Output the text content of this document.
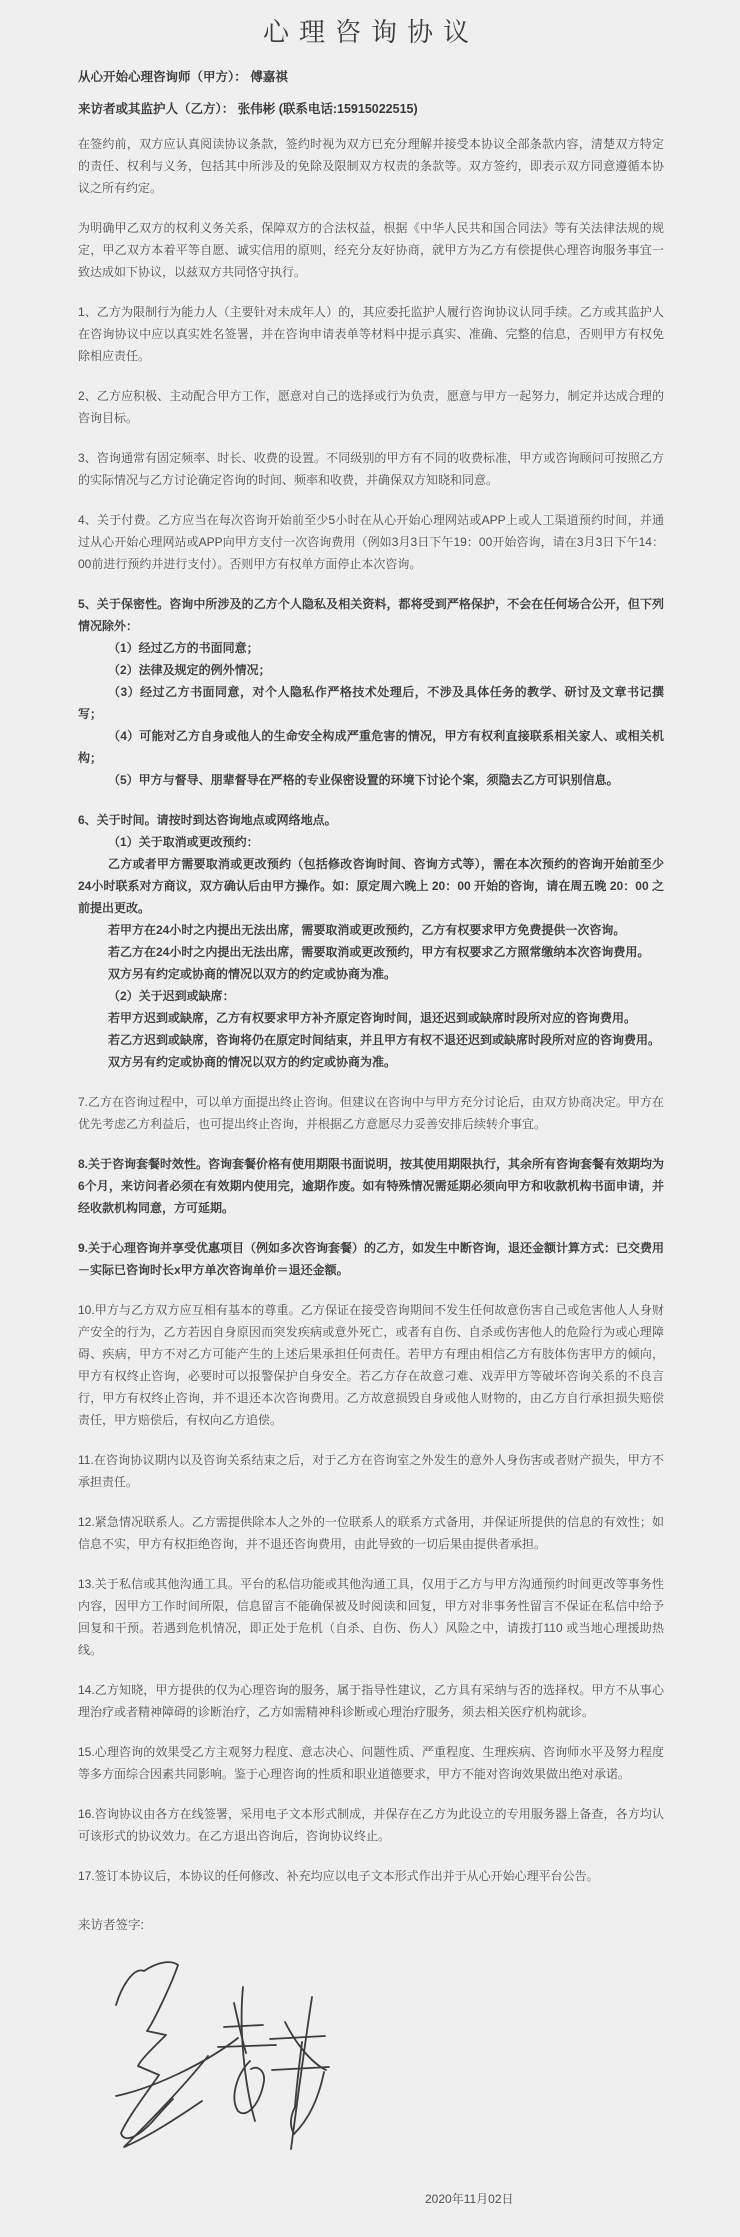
心理咨询协议

从心开始心理咨询师（甲方）： 傅嘉祺

来访者或其监护人（乙方）： 张伟彬 (联系电话:15915022515)

在签约前，双方应认真阅读协议条款，签约时视为双方已充分理解并接受本协议全部条款内容，清楚双方特定的责任、权利与义务，包括其中所涉及的免除及限制双方权责的条款等。双方签约，即表示双方同意遵循本协议之所有约定。

为明确甲乙双方的权利义务关系，保障双方的合法权益，根据《中华人民共和国合同法》等有关法律法规的规定，甲乙双方本着平等自愿、诚实信用的原则，经充分友好协商，就甲方为乙方有偿提供心理咨询服务事宜一致达成如下协议，以兹双方共同恪守执行。

1、乙方为限制行为能力人（主要针对未成年人）的，其应委托监护人履行咨询协议认同手续。乙方或其监护人在咨询协议中应以真实姓名签署，并在咨询申请表单等材料中提示真实、准确、完整的信息，否则甲方有权免除相应责任。

2、乙方应积极、主动配合甲方工作，愿意对自己的选择或行为负责，愿意与甲方一起努力，制定并达成合理的咨询目标。

3、咨询通常有固定频率、时长、收费的设置。不同级别的甲方有不同的收费标准，甲方或咨询顾问可按照乙方的实际情况与乙方讨论确定咨询的时间、频率和收费，并确保双方知晓和同意。

4、关于付费。乙方应当在每次咨询开始前至少5小时在从心开始心理网站或APP上或人工渠道预约时间，并通过从心开始心理网站或APP向甲方支付一次咨询费用（例如3月3日下午19：00开始咨询，请在3月3日下午14：00前进行预约并进行支付）。否则甲方有权单方面停止本次咨询。

5、关于保密性。咨询中所涉及的乙方个人隐私及相关资料，都将受到严格保护，不会在任何场合公开，但下列情况除外：

（1）经过乙方的书面同意；

（2）法律及规定的例外情况；

（3）经过乙方书面同意，对个人隐私作严格技术处理后，不涉及具体任务的教学、研讨及文章书记撰写；

（4）可能对乙方自身或他人的生命安全构成严重危害的情况，甲方有权利直接联系相关家人、或相关机构；

（5）甲方与督导、朋辈督导在严格的专业保密设置的环境下讨论个案，须隐去乙方可识别信息。

6、关于时间。请按时到达咨询地点或网络地点。

（1）关于取消或更改预约：

乙方或者甲方需要取消或更改预约（包括修改咨询时间、咨询方式等），需在本次预约的咨询开始前至少24小时联系对方商议，双方确认后由甲方操作。如：原定周六晚上 20：00 开始的咨询，请在周五晚 20：00 之前提出更改。

若甲方在24小时之内提出无法出席，需要取消或更改预约，乙方有权要求甲方免费提供一次咨询。

若乙方在24小时之内提出无法出席，需要取消或更改预约，甲方有权要求乙方照常缴纳本次咨询费用。

双方另有约定或协商的情况以双方的约定或协商为准。

（2）关于迟到或缺席：

若甲方迟到或缺席，乙方有权要求甲方补齐原定咨询时间，退还迟到或缺席时段所对应的咨询费用。

若乙方迟到或缺席，咨询将仍在原定时间结束，并且甲方有权不退还迟到或缺席时段所对应的咨询费用。

双方另有约定或协商的情况以双方的约定或协商为准。

7.乙方在咨询过程中，可以单方面提出终止咨询。但建议在咨询中与甲方充分讨论后，由双方协商决定。甲方在优先考虑乙方利益后，也可提出终止咨询，并根据乙方意愿尽力妥善安排后续转介事宜。

8.关于咨询套餐时效性。咨询套餐价格有使用期限书面说明，按其使用期限执行，其余所有咨询套餐有效期均为6个月，来访问者必须在有效期内使用完，逾期作废。如有特殊情况需延期必须向甲方和收款机构书面申请，并经收款机构同意，方可延期。

9.关于心理咨询并享受优惠项目（例如多次咨询套餐）的乙方，如发生中断咨询，退还金额计算方式：已交费用－实际已咨询时长x甲方单次咨询单价＝退还金额。

10.甲方与乙方双方应互相有基本的尊重。乙方保证在接受咨询期间不发生任何故意伤害自己或危害他人人身财产安全的行为，乙方若因自身原因而突发疾病或意外死亡，或者有自伤、自杀或伤害他人的危险行为或心理障碍、疾病，甲方不对乙方可能产生的上述后果承担任何责任。若甲方有理由相信乙方有肢体伤害甲方的倾向，甲方有权终止咨询，必要时可以报警保护自身安全。若乙方存在故意刁难、戏弄甲方等破坏咨询关系的不良言行，甲方有权终止咨询，并不退还本次咨询费用。乙方故意损毁自身或他人财物的，由乙方自行承担损失赔偿责任，甲方赔偿后，有权向乙方追偿。

11.在咨询协议期内以及咨询关系结束之后，对于乙方在咨询室之外发生的意外人身伤害或者财产损失，甲方不承担责任。

12.紧急情况联系人。乙方需提供除本人之外的一位联系人的联系方式备用，并保证所提供的信息的有效性；如信息不实，甲方有权拒绝咨询，并不退还咨询费用，由此导致的一切后果由提供者承担。

13.关于私信或其他沟通工具。平台的私信功能或其他沟通工具，仅用于乙方与甲方沟通预约时间更改等事务性内容，因甲方工作时间所限，信息留言不能确保被及时阅读和回复，甲方对非事务性留言不保证在私信中给予回复和干预。若遇到危机情况，即正处于危机（自杀、自伤、伤人）风险之中，请拨打110 或当地心理援助热线。

14.乙方知晓，甲方提供的仅为心理咨询的服务，属于指导性建议，乙方具有采纳与否的选择权。甲方不从事心理治疗或者精神障碍的诊断治疗，乙方如需精神科诊断或心理治疗服务，须去相关医疗机构就诊。

15.心理咨询的效果受乙方主观努力程度、意志决心、问题性质、严重程度、生理疾病、咨询师水平及努力程度等多方面综合因素共同影响。鉴于心理咨询的性质和职业道德要求，甲方不能对咨询效果做出绝对承诺。

16.咨询协议由各方在线签署，采用电子文本形式制成，并保存在乙方为此设立的专用服务器上备查，各方均认可该形式的协议效力。在乙方退出咨询后，咨询协议终止。

17.签订本协议后，本协议的任何修改、补充均应以电子文本形式作出并于从心开始心理平台公告。

来访者签字:

2020年11月02日
